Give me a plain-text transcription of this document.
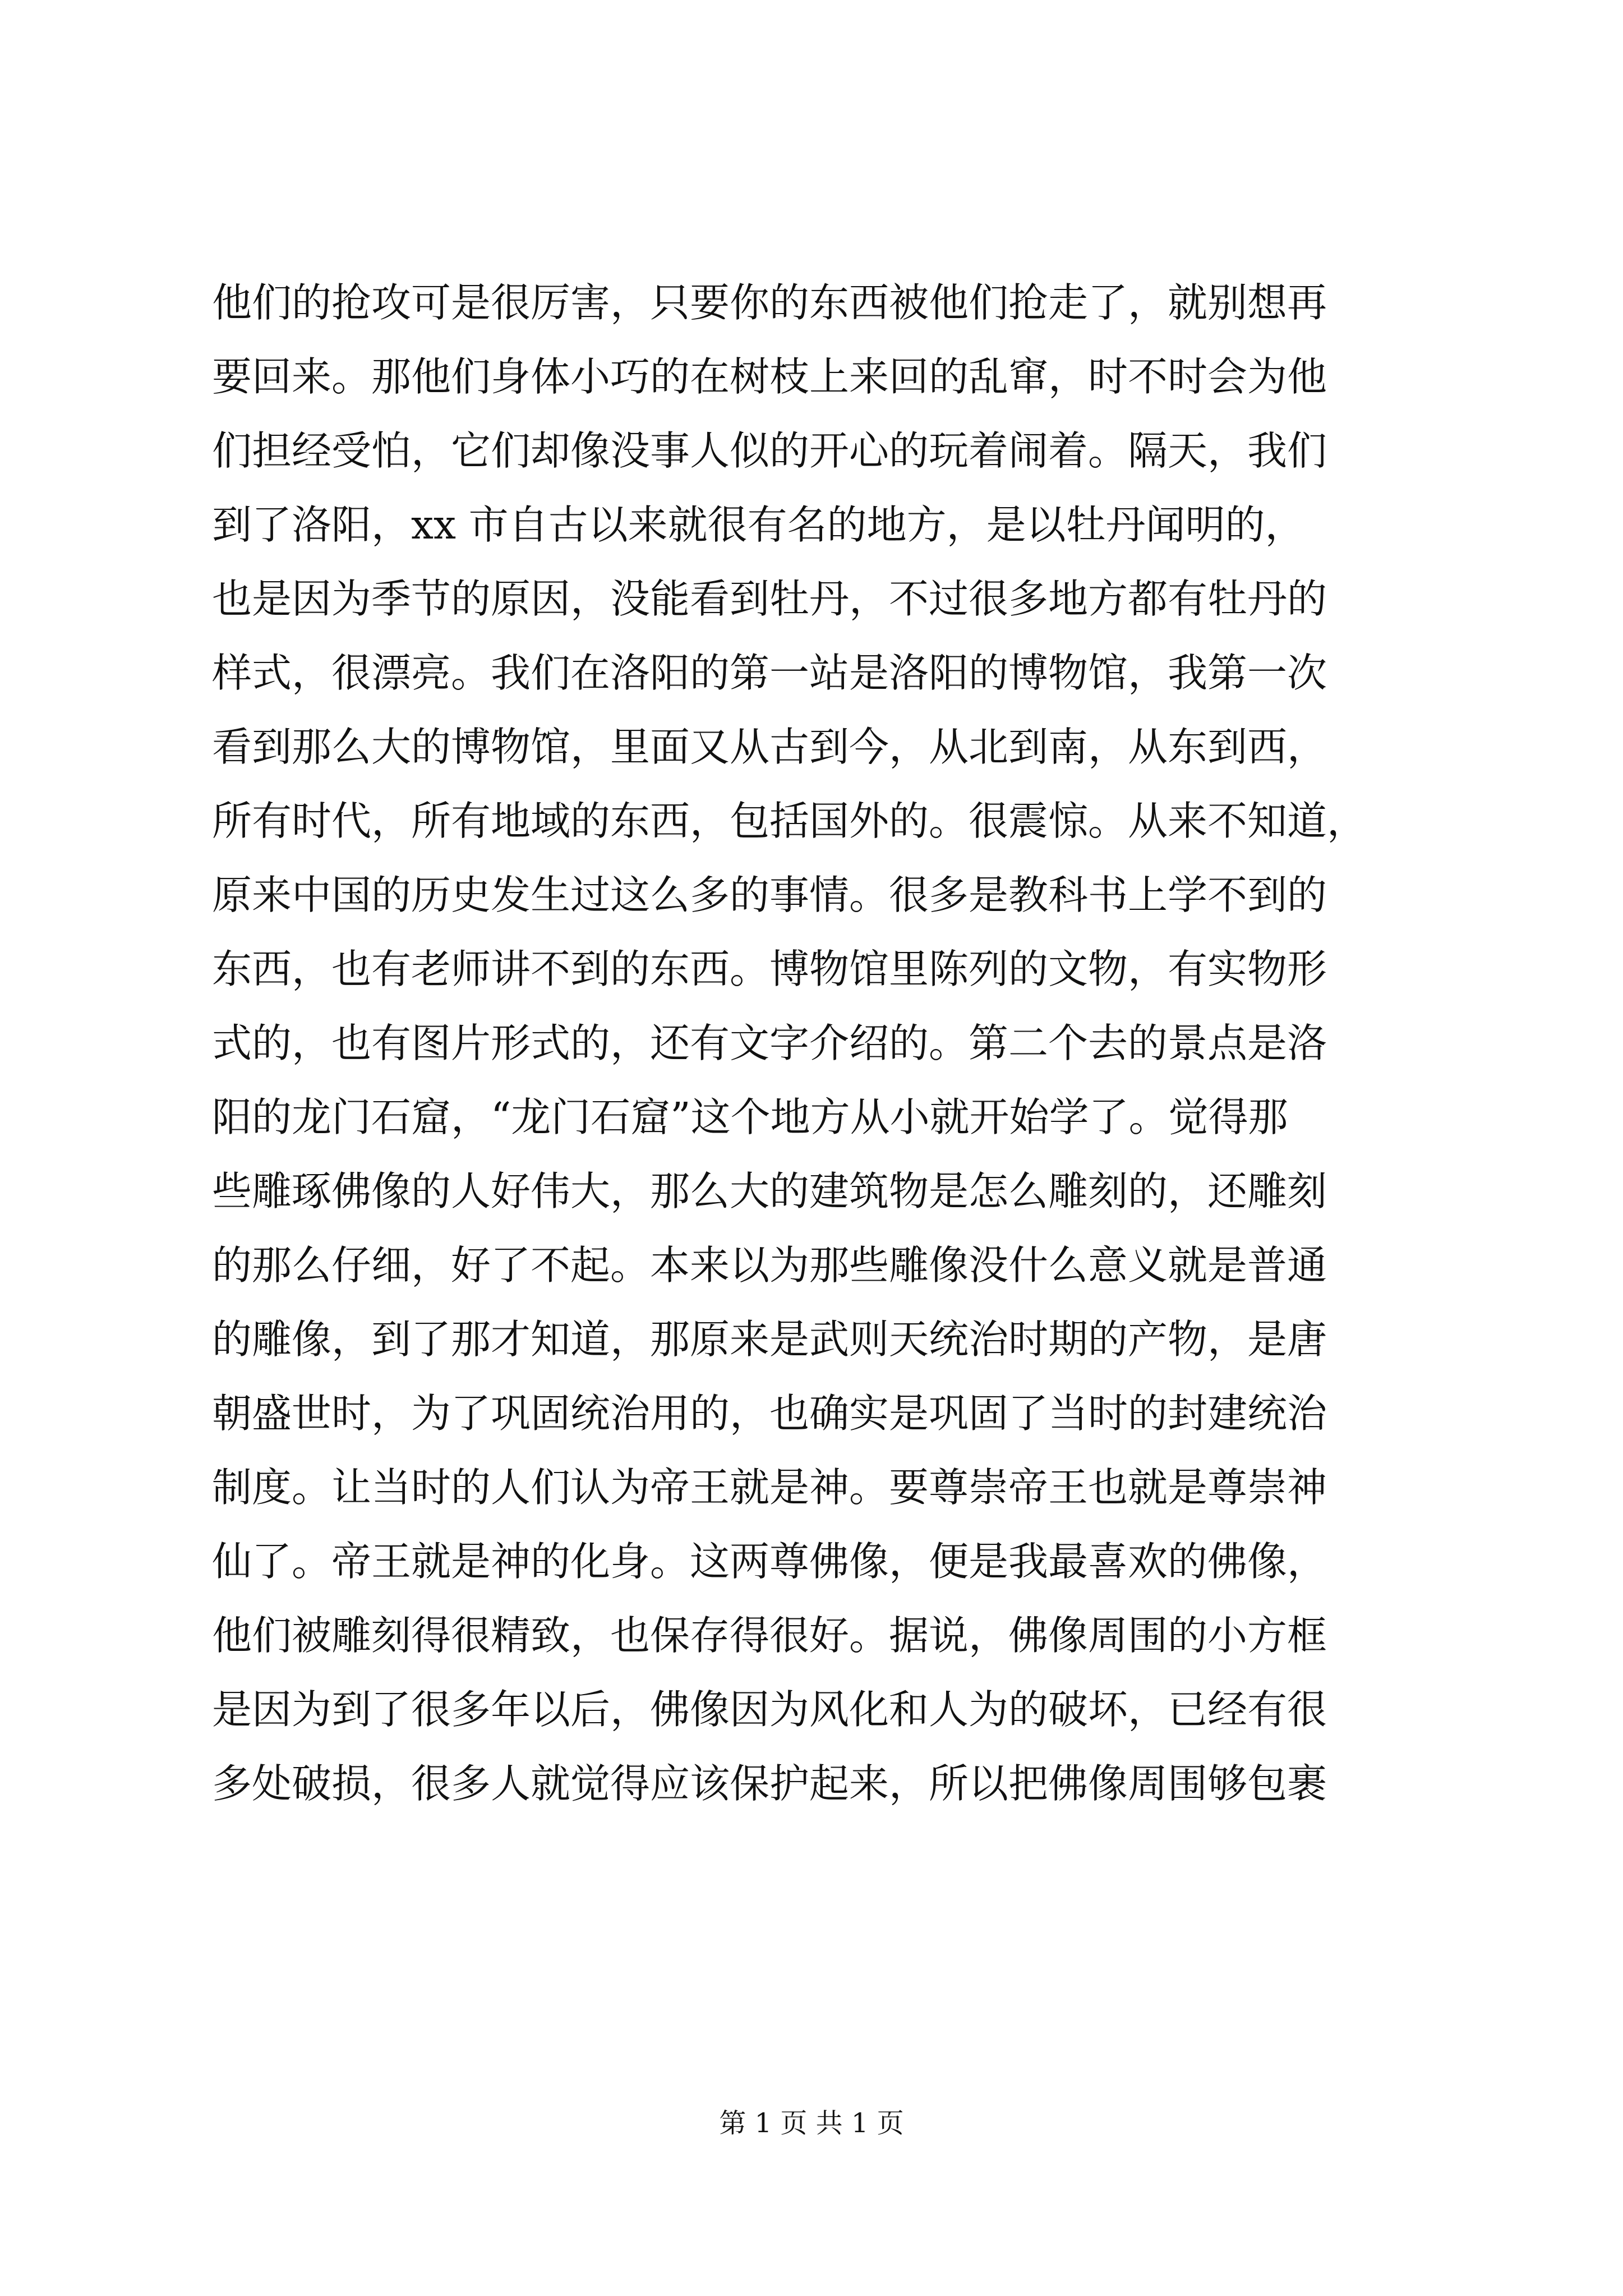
他们的抢攻可是很厉害，只要你的东西被他们抢走了，就别想再
要回来。那他们身体小巧的在树枝上来回的乱窜，时不时会为他
们担经受怕，它们却像没事人似的开心的玩着闹着。隔天，我们
到了洛阳，xx 市自古以来就很有名的地方，是以牡丹闻明的，
也是因为季节的原因，没能看到牡丹，不过很多地方都有牡丹的
样式，很漂亮。我们在洛阳的第一站是洛阳的博物馆，我第一次
看到那么大的博物馆，里面又从古到今，从北到南，从东到西，
所有时代，所有地域的东西，包括国外的。很震惊。从来不知道，
原来中国的历史发生过这么多的事情。很多是教科书上学不到的
东西，也有老师讲不到的东西。博物馆里陈列的文物，有实物形
式的，也有图片形式的，还有文字介绍的。第二个去的景点是洛
阳的龙门石窟，“龙门石窟”这个地方从小就开始学了。觉得那
些雕琢佛像的人好伟大，那么大的建筑物是怎么雕刻的，还雕刻
的那么仔细，好了不起。本来以为那些雕像没什么意义就是普通
的雕像，到了那才知道，那原来是武则天统治时期的产物，是唐
朝盛世时，为了巩固统治用的，也确实是巩固了当时的封建统治
制度。让当时的人们认为帝王就是神。要尊崇帝王也就是尊崇神
仙了。帝王就是神的化身。这两尊佛像，便是我最喜欢的佛像，
他们被雕刻得很精致，也保存得很好。据说，佛像周围的小方框
是因为到了很多年以后，佛像因为风化和人为的破坏，已经有很
多处破损，很多人就觉得应该保护起来，所以把佛像周围够包裹
第 1 页 共 1 页
